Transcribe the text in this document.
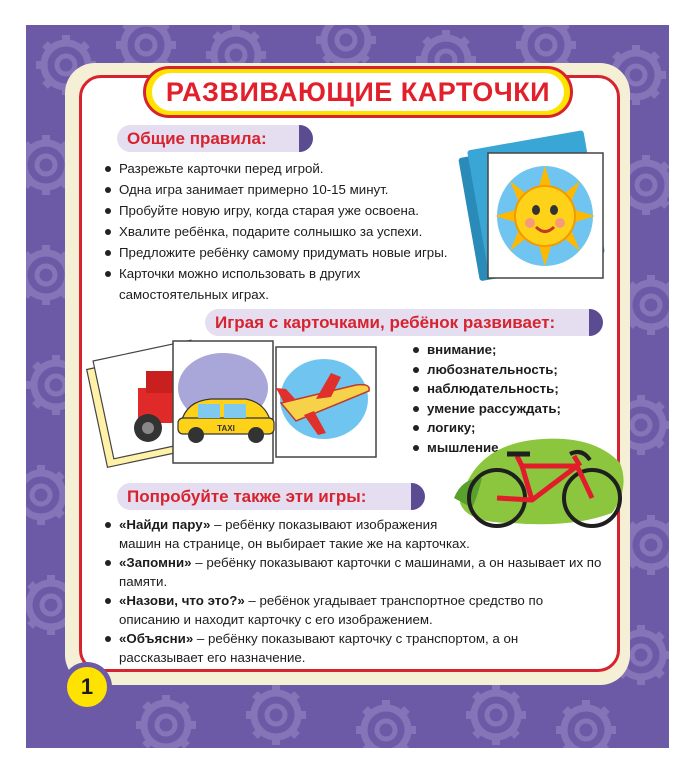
РАЗВИВАЮЩИЕ КАРТОЧКИ
Общие правила:
Разрежьте карточки перед игрой.
Одна игра занимает примерно 10-15 минут.
Пробуйте новую игру, когда старая уже освоена.
Хвалите ребёнка, подарите солнышко за успехи.
Предложите ребёнку самому придумать новые игры.
Карточки можно использовать в других самостоятельных играх.
Играя с карточками, ребёнок развивает:
TAXI
внимание;
любознательность;
наблюдательность;
умение рассуждать;
логику;
мышление.
Попробуйте также эти игры:
«Найди пару» – ребёнку показывают изображения машин на странице, он выбирает такие же на карточках.
«Запомни» – ребёнку показывают карточки с машинами, а он называет их по памяти.
«Назови, что это?» – ребёнок угадывает транспортное средство по описанию и находит карточку с его изображением.
«Объясни» – ребёнку показывают карточку с транспортом, а он рассказывает его назначение.
1
